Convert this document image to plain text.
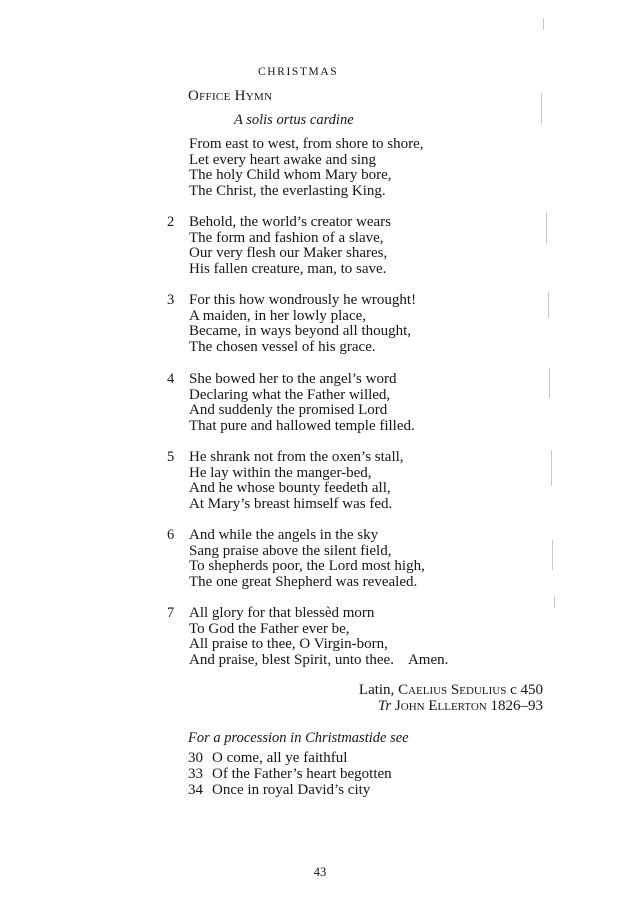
CHRISTMAS
Office Hymn
A solis ortus cardine
From east to west, from shore to shore,
Let every heart awake and sing
The holy Child whom Mary bore,
The Christ, the everlasting King.
2 Behold, the world’s creator wears
The form and fashion of a slave,
Our very flesh our Maker shares,
His fallen creature, man, to save.
3 For this how wondrously he wrought!
A maiden, in her lowly place,
Became, in ways beyond all thought,
The chosen vessel of his grace.
4 She bowed her to the angel’s word
Declaring what the Father willed,
And suddenly the promised Lord
That pure and hallowed temple filled.
5 He shrank not from the oxen’s stall,
He lay within the manger-bed,
And he whose bounty feedeth all,
At Mary’s breast himself was fed.
6 And while the angels in the sky
Sang praise above the silent field,
To shepherds poor, the Lord most high,
The one great Shepherd was revealed.
7 All glory for that blessèd morn
To God the Father ever be,
All praise to thee, O Virgin-born,
And praise, blest Spirit, unto thee. Amen.
Latin, Caelius Sedulius c 450
Tr John Ellerton 1826–93
For a procession in Christmastide see
30 O come, all ye faithful
33 Of the Father’s heart begotten
34 Once in royal David’s city
43
